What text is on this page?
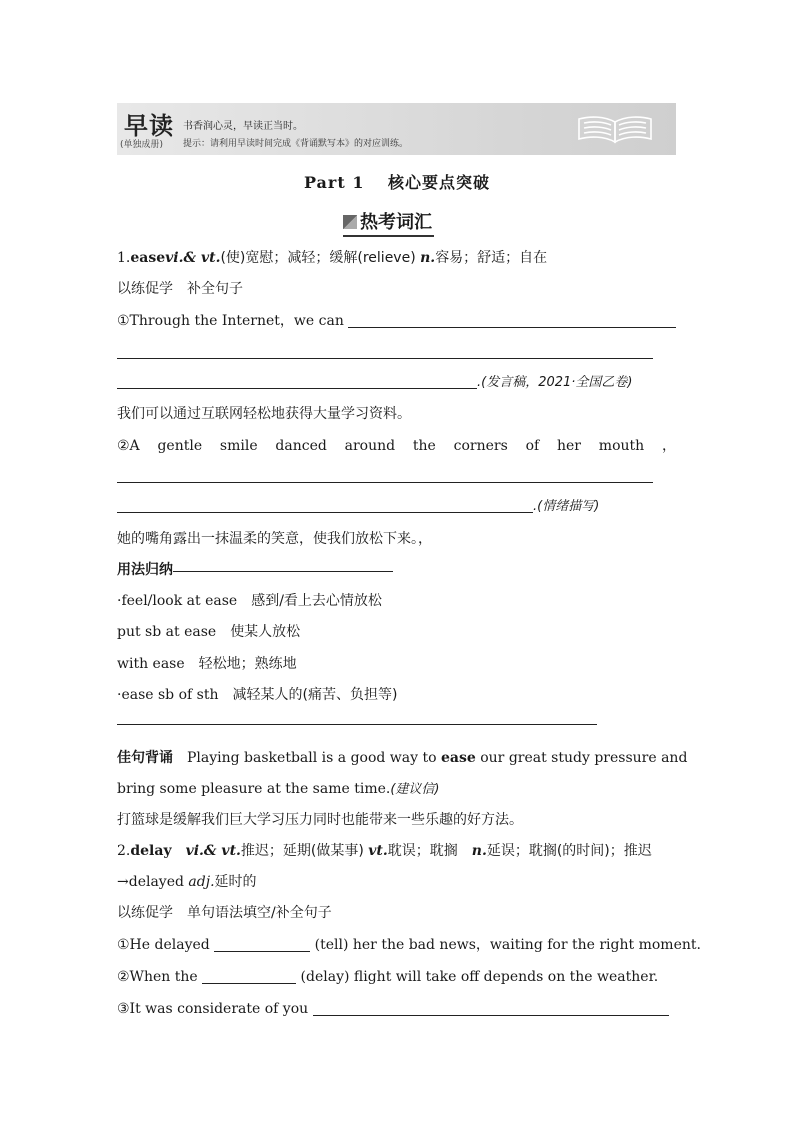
早读
(单独成册)
书香润心灵，早读正当时。
提示：请利用早读时间完成《背诵默写本》的对应训练。
Part 1　 核心要点突破
热考词汇
1.easevi.& vt.(使)宽慰；减轻；缓解(relieve) n.容易；舒适；自在
以练促学　 补全句子
①Through the Internet，we can
.(发言稿，2021·全国乙卷)
我们可以通过互联网轻松地获得大量学习资料。
②A gentle smile danced around the corners of her mouth ，
.(情绪描写)
她的嘴角露出一抹温柔的笑意，使我们放松下来。，
用法归纳
·feel/look at ease　 感到/看上去心情放松
put sb at ease　 使某人放松
with ease　 轻松地；熟练地
·ease sb of sth　 减轻某人的(痛苦、负担等)
佳句背诵　 Playing basketball is a good way to ease our great study pressure and
bring some pleasure at the same time.(建议信)
打篮球是缓解我们巨大学习压力同时也能带来一些乐趣的好方法。
2.delay　 vi.& vt.推迟；延期(做某事) vt.耽误；耽搁　n.延误；耽搁(的时间)；推迟
→delayed adj.延时的
以练促学　 单句语法填空/补全句子
①He delayed	(tell) her the bad news，waiting for the right moment.
②When the	(delay) flight will take off depends on the weather.
③It was considerate of you
